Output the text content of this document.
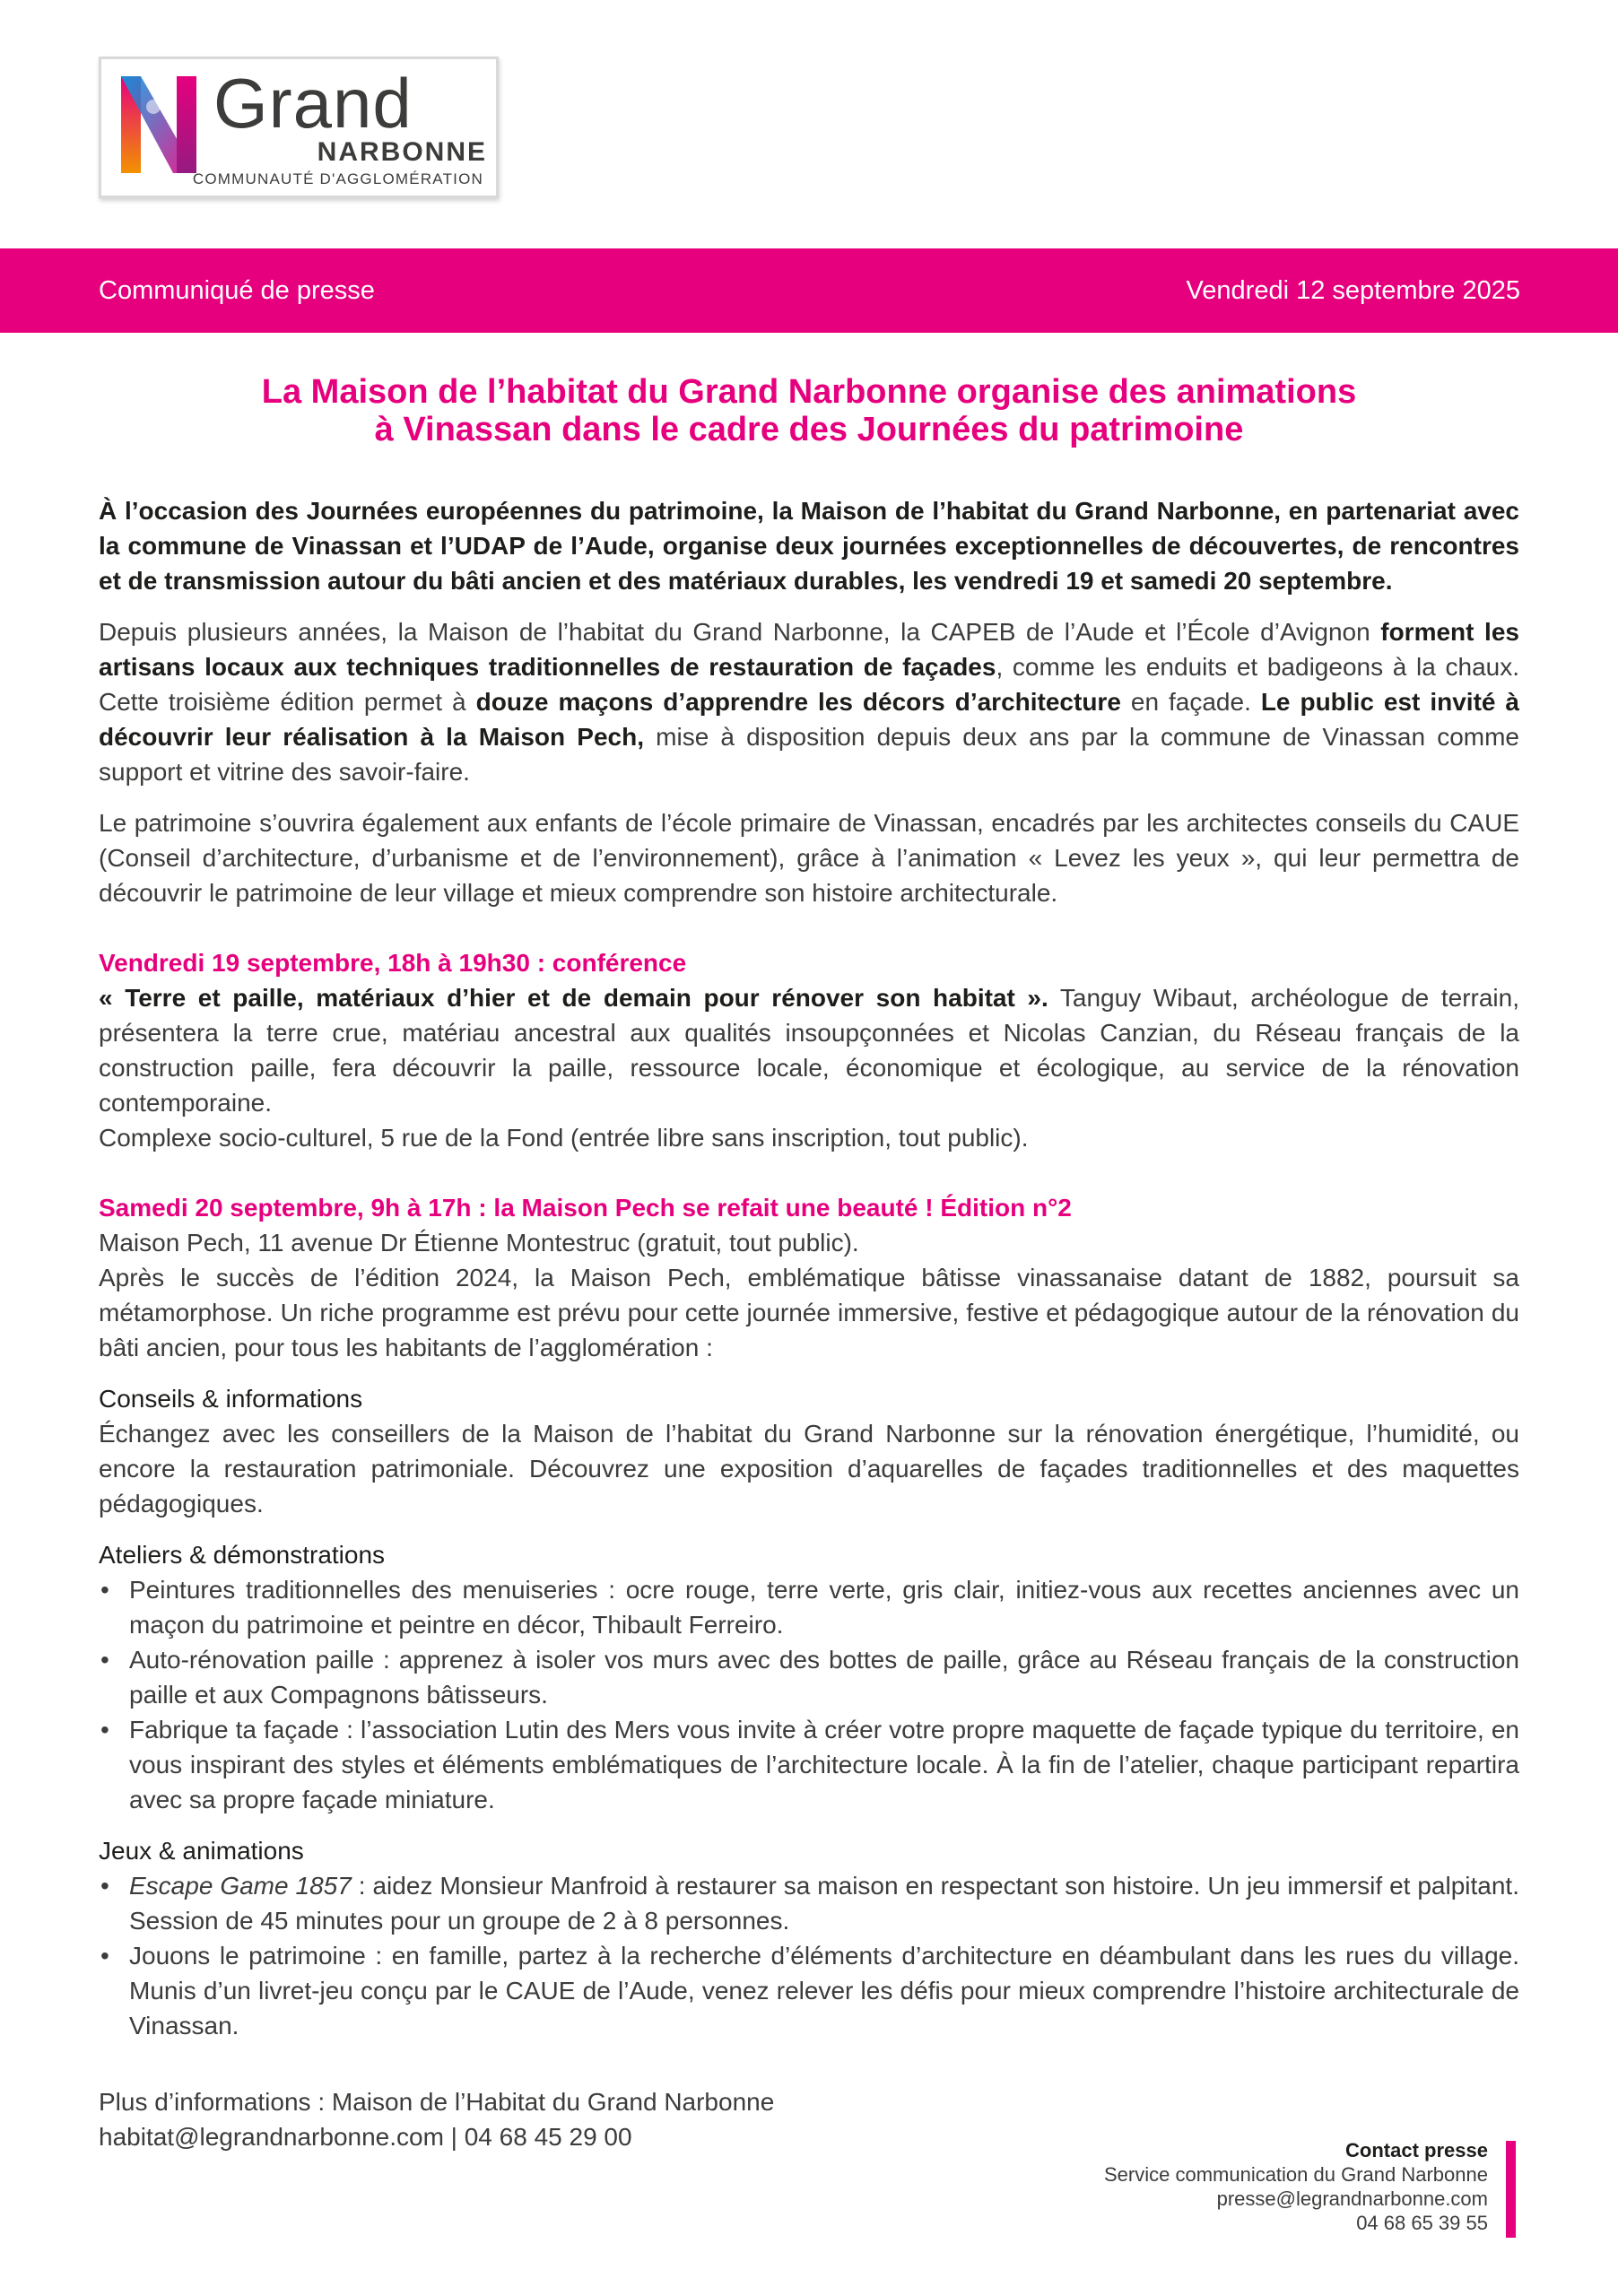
Grand
NARBONNE
COMMUNAUTÉ D'AGGLOMÉRATION
Communiqué de presse	Vendredi 12 septembre 2025
La Maison de l’habitat du Grand Narbonne organise des animations
à Vinassan dans le cadre des Journées du patrimoine

À l’occasion des Journées européennes du patrimoine, la Maison de l’habitat du Grand Narbonne, en partenariat avec la commune de Vinassan et l’UDAP de l’Aude, organise deux journées exceptionnelles de découvertes, de rencontres et de transmission autour du bâti ancien et des matériaux durables, les vendredi 19 et samedi 20 septembre.

Depuis plusieurs années, la Maison de l’habitat du Grand Narbonne, la CAPEB de l’Aude et l’École d’Avignon forment les artisans locaux aux techniques traditionnelles de restauration de façades, comme les enduits et badigeons à la chaux. Cette troisième édition permet à douze maçons d’apprendre les décors d’architecture en façade. Le public est invité à découvrir leur réalisation à la Maison Pech, mise à disposition depuis deux ans par la commune de Vinassan comme support et vitrine des savoir-faire.

Le patrimoine s’ouvrira également aux enfants de l’école primaire de Vinassan, encadrés par les architectes conseils du CAUE (Conseil d’architecture, d’urbanisme et de l’environnement), grâce à l’animation « Levez les yeux », qui leur permettra de découvrir le patrimoine de leur village et mieux comprendre son histoire architecturale.

Vendredi 19 septembre, 18h à 19h30 : conférence

« Terre et paille, matériaux d’hier et de demain pour rénover son habitat ». Tanguy Wibaut, archéologue de terrain, présentera la terre crue, matériau ancestral aux qualités insoupçonnées et Nicolas Canzian, du Réseau français de la construction paille, fera découvrir la paille, ressource locale, économique et écologique, au service de la rénovation contemporaine.

Complexe socio-culturel, 5 rue de la Fond (entrée libre sans inscription, tout public).

Samedi 20 septembre, 9h à 17h : la Maison Pech se refait une beauté ! Édition n°2

Maison Pech, 11 avenue Dr Étienne Montestruc (gratuit, tout public).

Après le succès de l’édition 2024, la Maison Pech, emblématique bâtisse vinassanaise datant de 1882, poursuit sa métamorphose. Un riche programme est prévu pour cette journée immersive, festive et pédagogique autour de la rénovation du bâti ancien, pour tous les habitants de l’agglomération :

Conseils & informations

Échangez avec les conseillers de la Maison de l’habitat du Grand Narbonne sur la rénovation énergétique, l’humidité, ou encore la restauration patrimoniale. Découvrez une exposition d’aquarelles de façades traditionnelles et des maquettes pédagogiques.

Ateliers & démonstrations

• Peintures traditionnelles des menuiseries : ocre rouge, terre verte, gris clair, initiez-vous aux recettes anciennes avec un maçon du patrimoine et peintre en décor, Thibault Ferreiro.
• Auto-rénovation paille : apprenez à isoler vos murs avec des bottes de paille, grâce au Réseau français de la construction paille et aux Compagnons bâtisseurs.
• Fabrique ta façade : l’association Lutin des Mers vous invite à créer votre propre maquette de façade typique du territoire, en vous inspirant des styles et éléments emblématiques de l’architecture locale. À la fin de l’atelier, chaque participant repartira avec sa propre façade miniature.

Jeux & animations

• Escape Game 1857 : aidez Monsieur Manfroid à restaurer sa maison en respectant son histoire. Un jeu immersif et palpitant. Session de 45 minutes pour un groupe de 2 à 8 personnes.
• Jouons le patrimoine : en famille, partez à la recherche d’éléments d’architecture en déambulant dans les rues du village. Munis d’un livret-jeu conçu par le CAUE de l’Aude, venez relever les défis pour mieux comprendre l’histoire architecturale de Vinassan.
Plus d’informations : Maison de l’Habitat du Grand Narbonne
habitat@legrandnarbonne.com | 04 68 45 29 00	Contact presse
Service communication du Grand Narbonne
presse@legrandnarbonne.com
04 68 65 39 55
